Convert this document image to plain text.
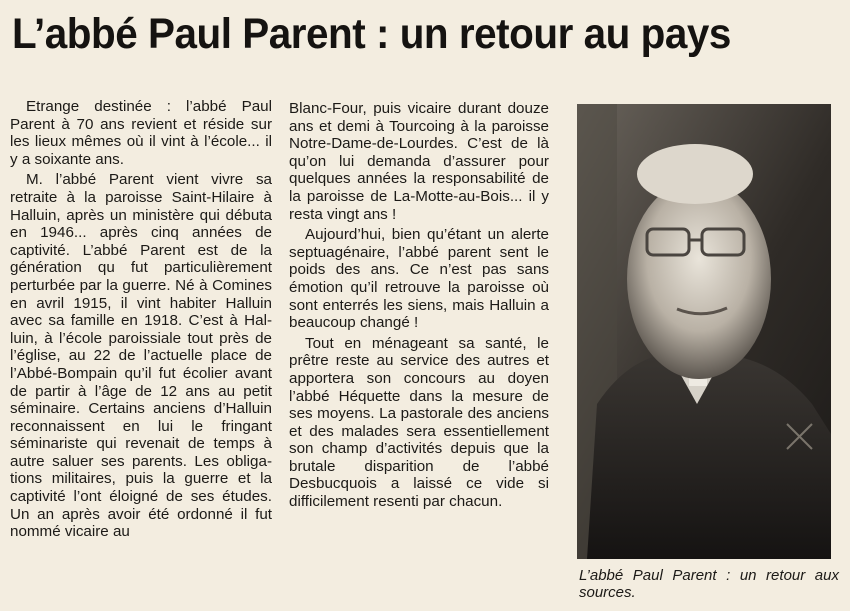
L’abbé Paul Parent : un retour au pays

Etrange destinée : l’abbé Paul Parent à 70 ans revient et réside sur les lieux mêmes où il vint à l’école... il y a soixante ans.

M. l’abbé Parent vient vivre sa retraite à la paroisse Saint-Hilaire à Halluin, après un ministère qui débuta en 1946... après cinq années de captivité. L’abbé Parent est de la génération qu fut particulièrement perturbée par la guerre. Né à Comines en avril 1915, il vint habiter Halluin avec sa famille en 1918. C’est à Halluin, à l’école paroissiale tout près de l’église, au 22 de l’actuelle place de l’Abbé-Bompain qu’il fut écolier avant de partir à l’âge de 12 ans au petit séminaire. Certains anciens d’Halluin reconnaissent en lui le fringant séminariste qui revenait de temps à autre saluer ses parents. Les obligations militaires, puis la guerre et la captivité l’ont éloigné de ses études. Un an après avoir été ordonné il fut nommé vicaire au

Blanc-Four, puis vicaire durant douze ans et demi à Tourcoing à la paroisse Notre-Dame-de-Lourdes. C’est de là qu’on lui demanda d’assurer pour quelques années la responsabilité de la paroisse de La-Motte-au-Bois... il y resta vingt ans !

Aujourd’hui, bien qu’étant un alerte septuagénaire, l’abbé parent sent le poids des ans. Ce n’est pas sans émotion qu’il retrouve la paroisse où sont enterrés les siens, mais Halluin a beaucoup changé !

Tout en ménageant sa santé, le prêtre reste au service des autres et apportera son concours au doyen l’abbé Héquette dans la mesure de ses moyens. La pastorale des anciens et des malades sera essentiellement son champ d’activités depuis que la brutale disparition de l’abbé Desbucquois a laissé ce vide si difficilement resenti par chacun.

L’abbé Paul Parent : un retour aux sources.
